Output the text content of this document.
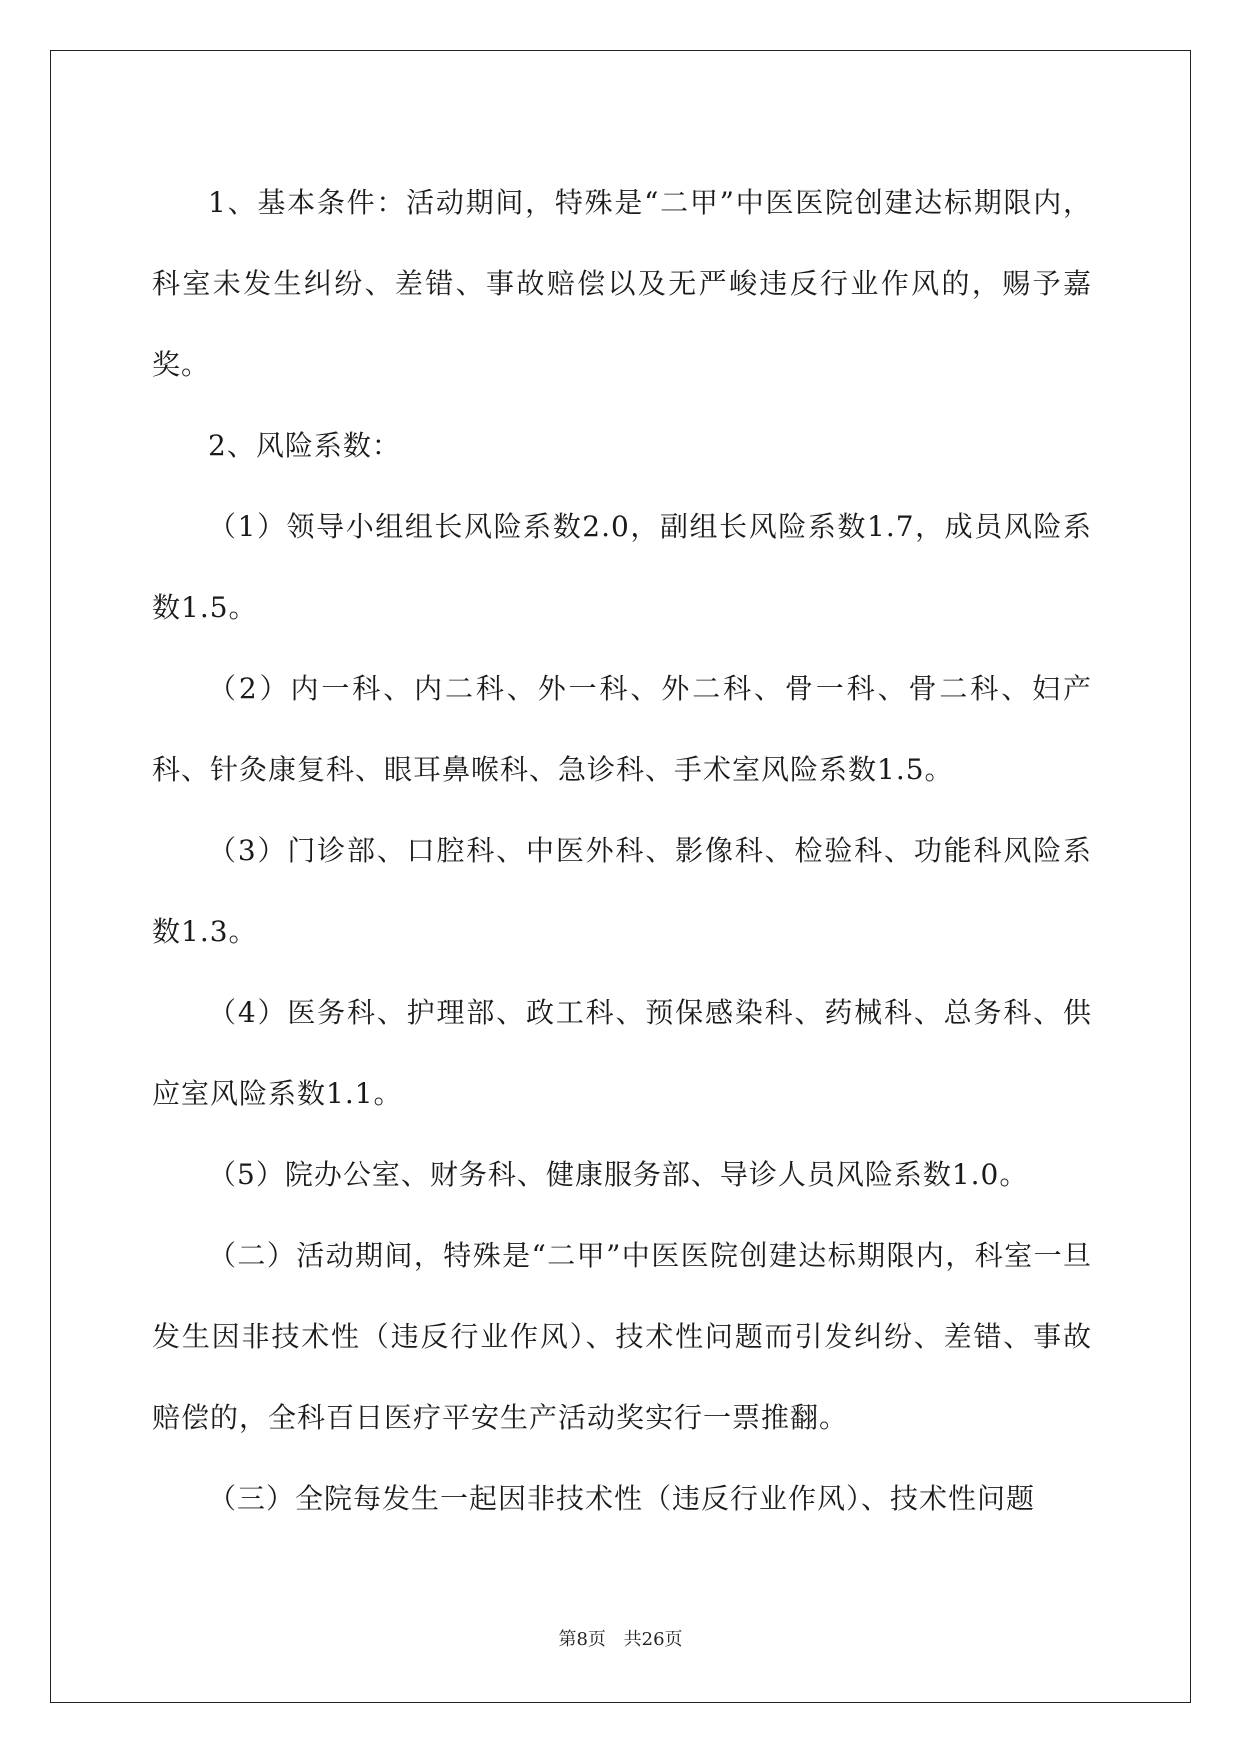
1、基本条件：活动期间，特殊是“二甲”中医医院创建达标期限内，科室未发生纠纷、差错、事故赔偿以及无严峻违反行业作风的，赐予嘉奖。

2、风险系数：

（1）领导小组组长风险系数2.0，副组长风险系数1.7，成员风险系数1.5。

（2）内一科、内二科、外一科、外二科、骨一科、骨二科、妇产科、针灸康复科、眼耳鼻喉科、急诊科、手术室风险系数1.5。

（3）门诊部、口腔科、中医外科、影像科、检验科、功能科风险系数1.3。

（4）医务科、护理部、政工科、预保感染科、药械科、总务科、供应室风险系数1.1。

（5）院办公室、财务科、健康服务部、导诊人员风险系数1.0。

（二）活动期间，特殊是“二甲”中医医院创建达标期限内，科室一旦发生因非技术性（违反行业作风）、技术性问题而引发纠纷、差错、事故赔偿的，全科百日医疗平安生产活动奖实行一票推翻。

（三）全院每发生一起因非技术性（违反行业作风）、技术性问题

第8页 共26页
